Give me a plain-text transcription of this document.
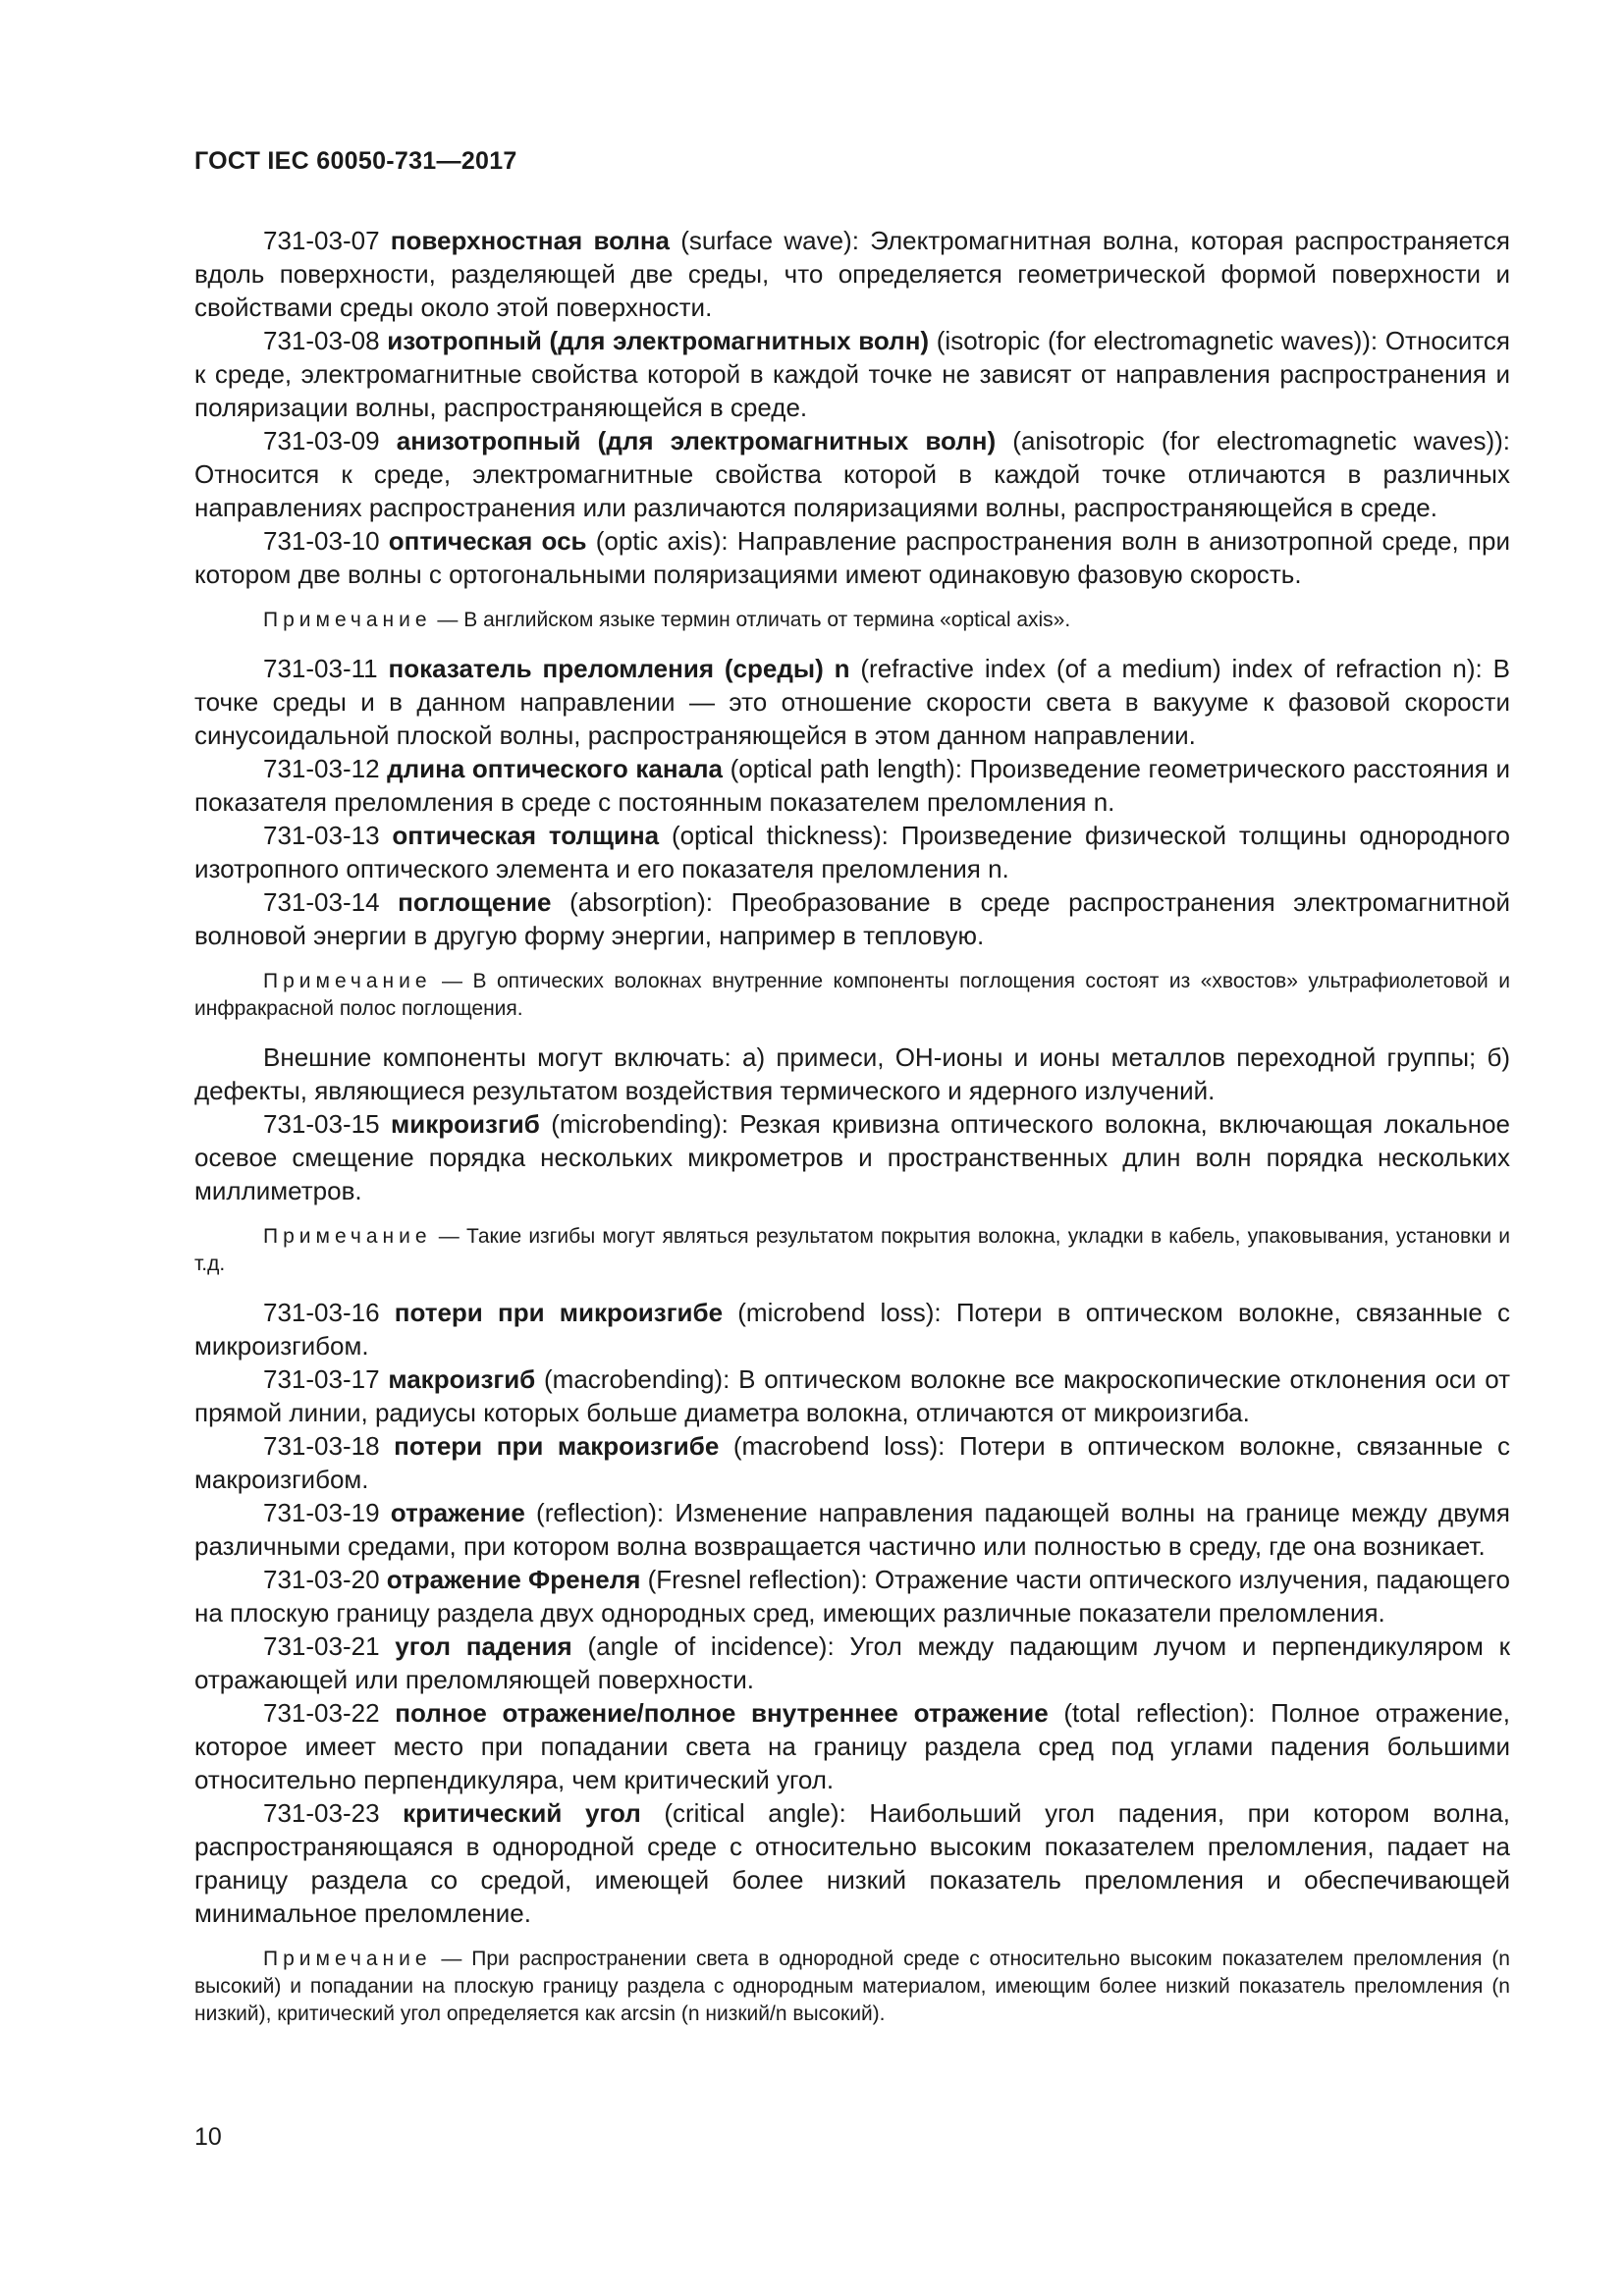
ГОСТ IEC 60050-731—2017

731-03-07 поверхностная волна (surface wave): Электромагнитная волна, которая распространяется вдоль поверхности, разделяющей две среды, что определяется геометрической формой поверхности и свойствами среды около этой поверхности.

731-03-08 изотропный (для электромагнитных волн) (isotropic (for electromagnetic waves)): Относится к среде, электромагнитные свойства которой в каждой точке не зависят от направления распространения и поляризации волны, распространяющейся в среде.

731-03-09 анизотропный (для электромагнитных волн) (anisotropic (for electromagnetic waves)): Относится к среде, электромагнитные свойства которой в каждой точке отличаются в различных направлениях распространения или различаются поляризациями волны, распространяющейся в среде.

731-03-10 оптическая ось (optic axis): Направление распространения волн в анизотропной среде, при котором две волны с ортогональными поляризациями имеют одинаковую фазовую скорость.

Примечание — В английском языке термин отличать от термина «optical axis».

731-03-11 показатель преломления (среды) n (refractive index (of a medium) index of refraction n): В точке среды и в данном направлении — это отношение скорости света в вакууме к фазовой скорости синусоидальной плоской волны, распространяющейся в этом данном направлении.

731-03-12 длина оптического канала (optical path length): Произведение геометрического расстояния и показателя преломления в среде с постоянным показателем преломления n.

731-03-13 оптическая толщина (optical thickness): Произведение физической толщины однородного изотропного оптического элемента и его показателя преломления n.

731-03-14 поглощение (absorption): Преобразование в среде распространения электромагнитной волновой энергии в другую форму энергии, например в тепловую.

Примечание — В оптических волокнах внутренние компоненты поглощения состоят из «хвостов» ультрафиолетовой и инфракрасной полос поглощения.

Внешние компоненты могут включать: а) примеси, ОН-ионы и ионы металлов переходной группы; б) дефекты, являющиеся результатом воздействия термического и ядерного излучений.

731-03-15 микроизгиб (microbending): Резкая кривизна оптического волокна, включающая локальное осевое смещение порядка нескольких микрометров и пространственных длин волн порядка нескольких миллиметров.

Примечание — Такие изгибы могут являться результатом покрытия волокна, укладки в кабель, упаковывания, установки и т.д.

731-03-16 потери при микроизгибе (microbend loss): Потери в оптическом волокне, связанные с микроизгибом.

731-03-17 макроизгиб (macrobending): В оптическом волокне все макроскопические отклонения оси от прямой линии, радиусы которых больше диаметра волокна, отличаются от микроизгиба.

731-03-18 потери при макроизгибе (macrobend loss): Потери в оптическом волокне, связанные с макроизгибом.

731-03-19 отражение (reflection): Изменение направления падающей волны на границе между двумя различными средами, при котором волна возвращается частично или полностью в среду, где она возникает.

731-03-20 отражение Френеля (Fresnel reflection): Отражение части оптического излучения, падающего на плоскую границу раздела двух однородных сред, имеющих различные показатели преломления.

731-03-21 угол падения (angle of incidence): Угол между падающим лучом и перпендикуляром к отражающей или преломляющей поверхности.

731-03-22 полное отражение/полное внутреннее отражение (total reflection): Полное отражение, которое имеет место при попадании света на границу раздела сред под углами падения большими относительно перпендикуляра, чем критический угол.

731-03-23 критический угол (critical angle): Наибольший угол падения, при котором волна, распространяющаяся в однородной среде с относительно высоким показателем преломления, падает на границу раздела со средой, имеющей более низкий показатель преломления и обеспечивающей минимальное преломление.

Примечание — При распространении света в однородной среде с относительно высоким показателем преломления (n высокий) и попадании на плоскую границу раздела с однородным материалом, имеющим более низкий показатель преломления (n низкий), критический угол определяется как arcsin (n низкий/n высокий).

10
